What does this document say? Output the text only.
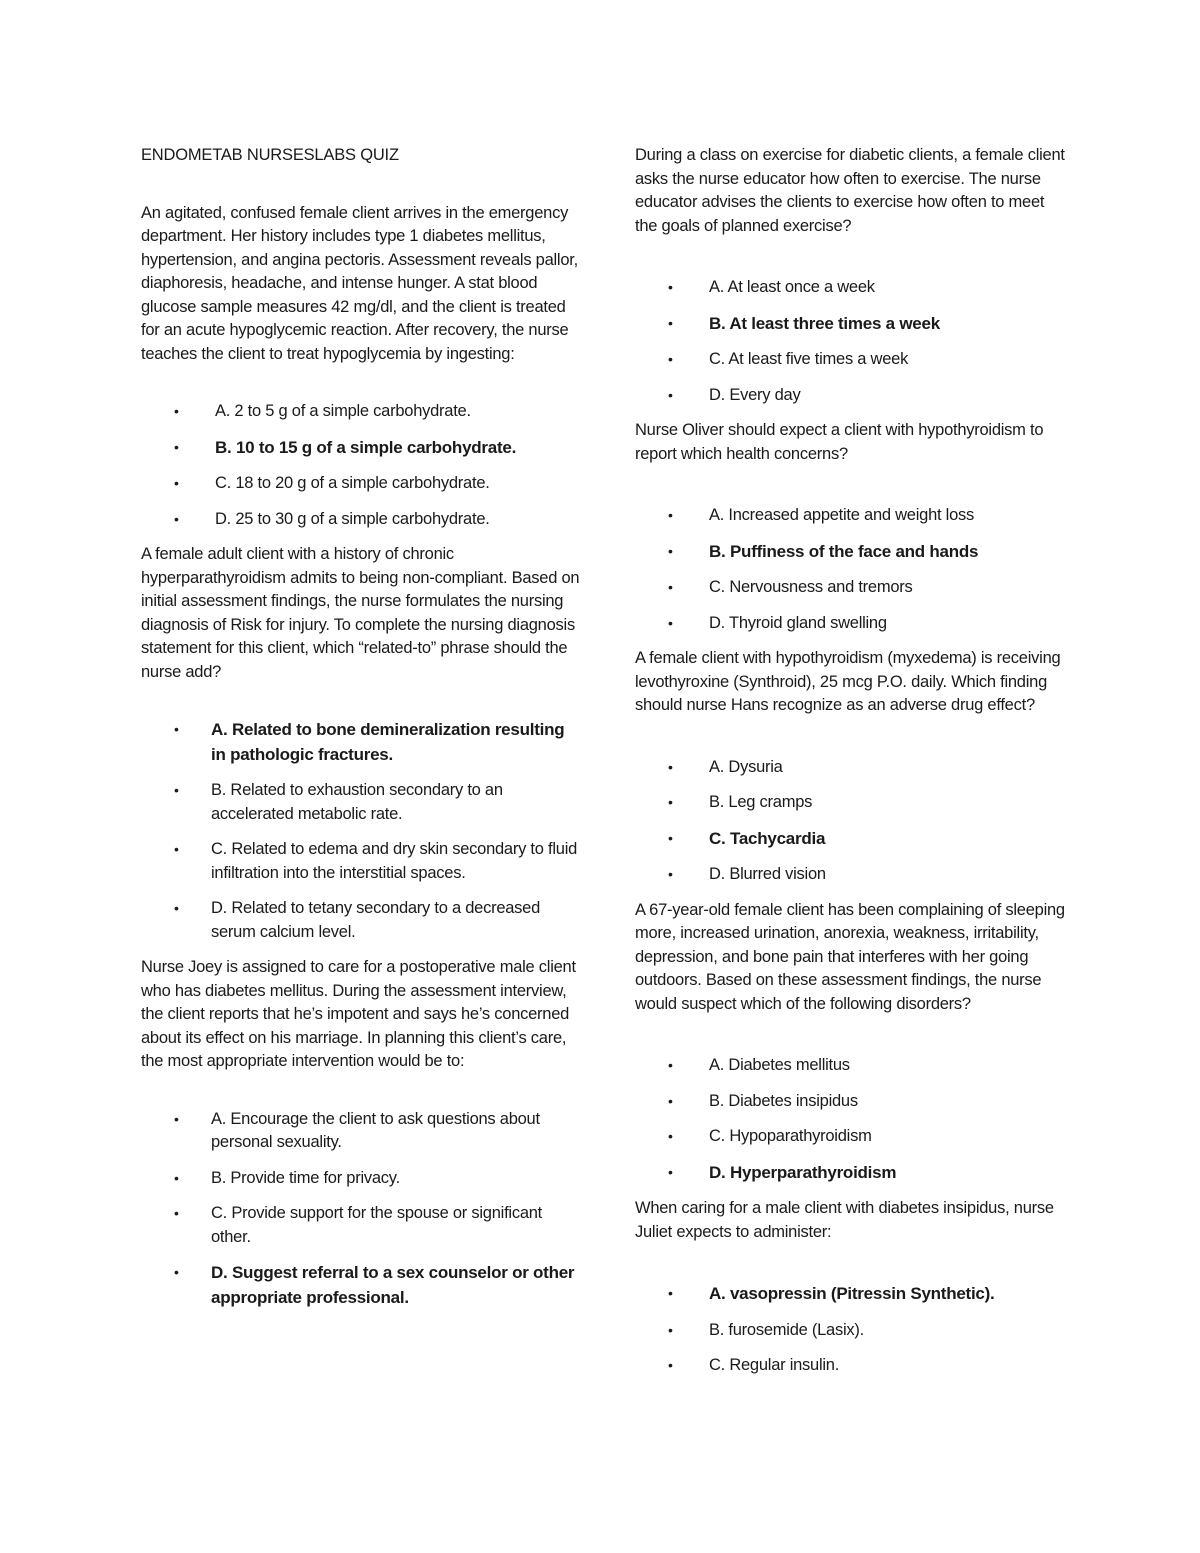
ENDOMETAB NURSESLABS QUIZ

An agitated, confused female client arrives in the emergency department. Her history includes type 1 diabetes mellitus, hypertension, and angina pectoris. Assessment reveals pallor, diaphoresis, headache, and intense hunger. A stat blood glucose sample measures 42 mg/dl, and the client is treated for an acute hypoglycemic reaction. After recovery, the nurse teaches the client to treat hypoglycemia by ingesting:

• A. 2 to 5 g of a simple carbohydrate.
• B. 10 to 15 g of a simple carbohydrate.
• C. 18 to 20 g of a simple carbohydrate.
• D. 25 to 30 g of a simple carbohydrate.

A female adult client with a history of chronic hyperparathyroidism admits to being non-compliant. Based on initial assessment findings, the nurse formulates the nursing diagnosis of Risk for injury. To complete the nursing diagnosis statement for this client, which “related-to” phrase should the nurse add?

• A. Related to bone demineralization resulting in pathologic fractures.
• B. Related to exhaustion secondary to an accelerated metabolic rate.
• C. Related to edema and dry skin secondary to fluid infiltration into the interstitial spaces.
• D. Related to tetany secondary to a decreased serum calcium level.

Nurse Joey is assigned to care for a postoperative male client who has diabetes mellitus. During the assessment interview, the client reports that he’s impotent and says he’s concerned about its effect on his marriage. In planning this client’s care, the most appropriate intervention would be to:

• A. Encourage the client to ask questions about personal sexuality.
• B. Provide time for privacy.
• C. Provide support for the spouse or significant other.
• D. Suggest referral to a sex counselor or other appropriate professional.

During a class on exercise for diabetic clients, a female client asks the nurse educator how often to exercise. The nurse educator advises the clients to exercise how often to meet the goals of planned exercise?

• A. At least once a week
• B. At least three times a week
• C. At least five times a week
• D. Every day

Nurse Oliver should expect a client with hypothyroidism to report which health concerns?

• A. Increased appetite and weight loss
• B. Puffiness of the face and hands
• C. Nervousness and tremors
• D. Thyroid gland swelling

A female client with hypothyroidism (myxedema) is receiving levothyroxine (Synthroid), 25 mcg P.O. daily. Which finding should nurse Hans recognize as an adverse drug effect?

• A. Dysuria
• B. Leg cramps
• C. Tachycardia
• D. Blurred vision

A 67-year-old female client has been complaining of sleeping more, increased urination, anorexia, weakness, irritability, depression, and bone pain that interferes with her going outdoors. Based on these assessment findings, the nurse would suspect which of the following disorders?

• A. Diabetes mellitus
• B. Diabetes insipidus
• C. Hypoparathyroidism
• D. Hyperparathyroidism

When caring for a male client with diabetes insipidus, nurse Juliet expects to administer:

• A. vasopressin (Pitressin Synthetic).
• B. furosemide (Lasix).
• C. Regular insulin.
